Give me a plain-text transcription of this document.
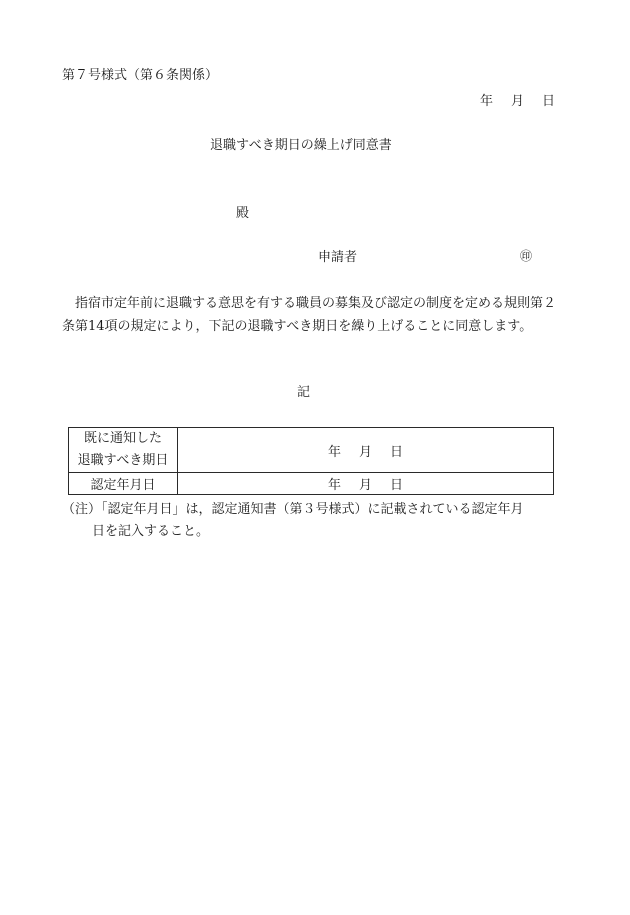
第７号様式（第６条関係）
年 月 日
退職すべき期日の繰上げ同意書
殿
申請者	㊞
指宿市定年前に退職する意思を有する職員の募集及び認定の制度を定める規則第２条第14項の規定により，下記の退職すべき期日を繰り上げることに同意します。
記
既に通知した
退職すべき期日	年 月 日
認定年月日	年 月 日
（注）「認定年月日」は，認定通知書（第３号様式）に記載されている認定年月
日を記入すること。
